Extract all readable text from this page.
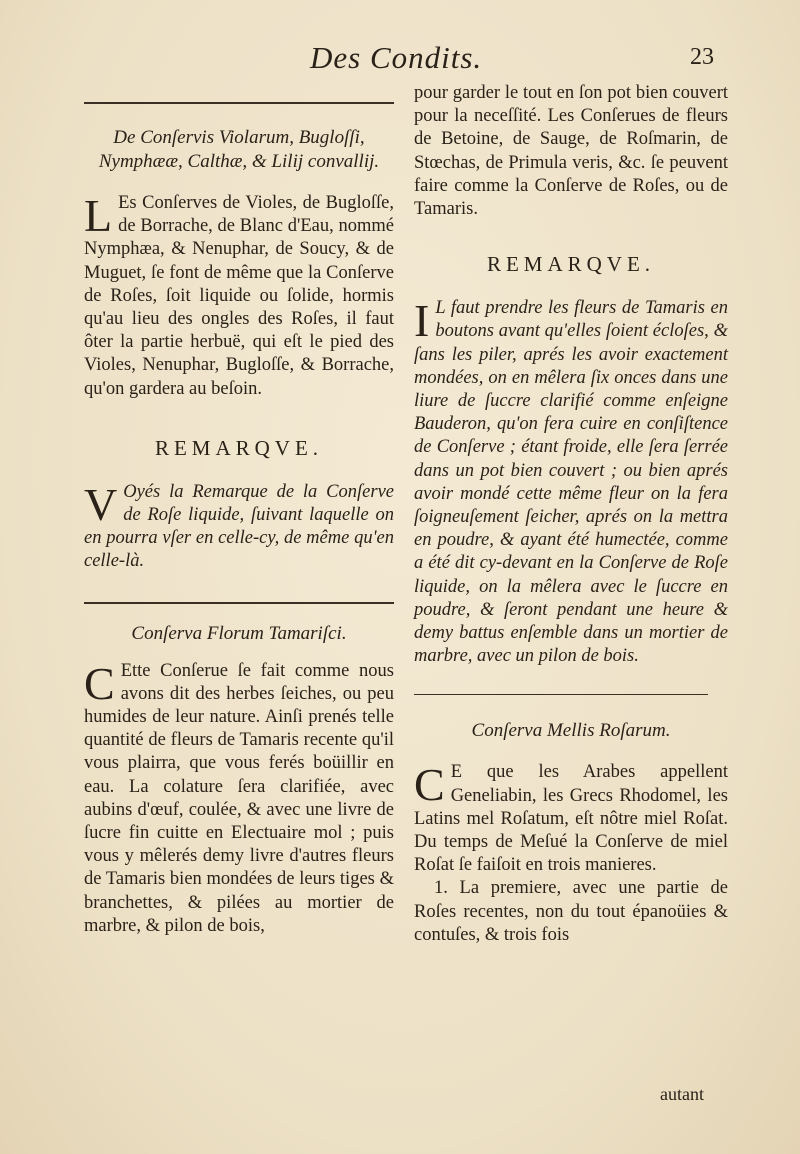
Des Condits.	23
De Conſervis Violarum, Bugloſſi, Nymphææ, Calthæ, & Lilij convallij.

L Es Conſerves de Violes, de Bugloſſe, de Borrache, de Blanc d'Eau, nommé Nymphæa, & Nenuphar, de Soucy, & de Muguet, ſe font de même que la Conſerve de Roſes, ſoit liquide ou ſolide, hormis qu'au lieu des ongles des Roſes, il faut ôter la partie herbuë, qui eſt le pied des Violes, Nenuphar, Bugloſſe, & Borrache, qu'on gardera au beſoin.

REMARQVE.

V Oyés la Remarque de la Conſerve de Roſe liquide, ſuivant laquelle on en pourra vſer en celle-cy, de même qu'en celle-là.

Conſerva Florum Tamariſci.

C Ette Conſerue ſe fait comme nous avons dit des herbes ſeiches, ou peu humides de leur nature. Ainſi prenés telle quantité de fleurs de Tamaris recente qu'il vous plairra, que vous ferés boüillir en eau. La colature ſera clarifiée, avec aubins d'œuf, coulée, & avec une livre de ſucre fin cuitte en Electuaire mol ; puis vous y mêlerés demy livre d'autres fleurs de Tamaris bien mondées de leurs tiges & branchettes, & pilées au mortier de marbre, & pilon de bois,

pour garder le tout en ſon pot bien couvert pour la neceſſité. Les Conſerues de fleurs de Betoine, de Sauge, de Roſmarin, de Stœchas, de Primula veris, &c. ſe peuvent faire comme la Conſerve de Roſes, ou de Tamaris.

REMARQVE.

I L faut prendre les fleurs de Tamaris en boutons avant qu'elles ſoient écloſes, & ſans les piler, aprés les avoir exactement mondées, on en mêlera ſix onces dans une liure de ſuccre clarifié comme enſeigne Bauderon, qu'on fera cuire en conſiſtence de Conſerve ; étant froide, elle ſera ſerrée dans un pot bien couvert ; ou bien aprés avoir mondé cette même fleur on la fera ſoigneuſement ſeicher, aprés on la mettra en poudre, & ayant été humectée, comme a été dit cy-devant en la Conſerve de Roſe liquide, on la mêlera avec le ſuccre en poudre, & ſeront pendant une heure & demy battus enſemble dans un mortier de marbre, avec un pilon de bois.

Conſerva Mellis Roſarum.

C E que les Arabes appellent Geneliabin, les Grecs Rhodomel, les Latins mel Roſatum, eſt nôtre miel Roſat. Du temps de Meſué la Conſerve de miel Roſat ſe faiſoit en trois manieres.

1. La premiere, avec une partie de Roſes recentes, non du tout épanoüies & contuſes, & trois fois

autant
